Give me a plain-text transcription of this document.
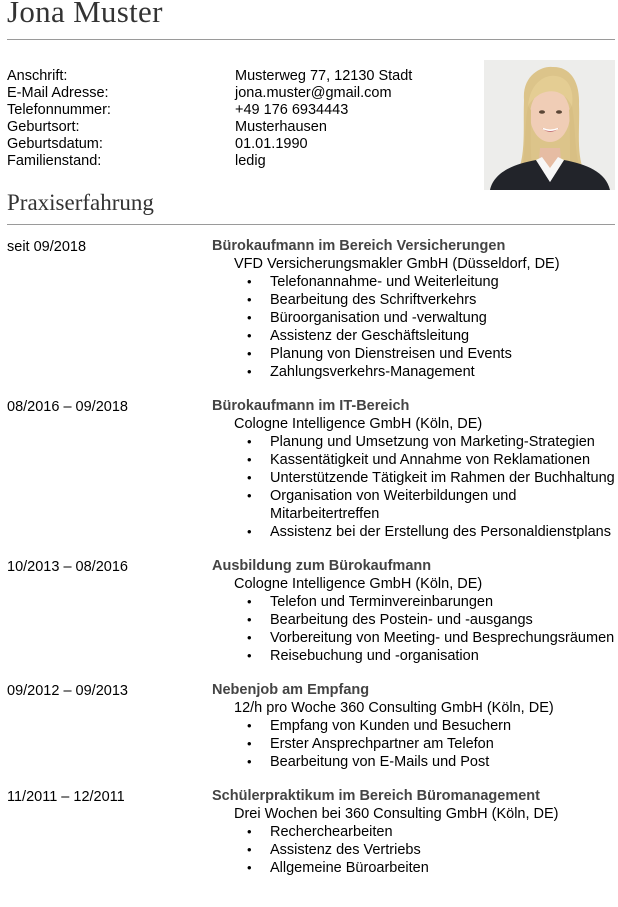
Jona Muster
Anschrift:	Musterweg 77, 12130 Stadt
E-Mail Adresse:	jona.muster@gmail.com
Telefonnummer:	+49 176 6934443
Geburtsort:	Musterhausen
Geburtsdatum:	01.01.1990
Familienstand:	ledig
Praxiserfahrung
seit 09/2018	Bürokaufmann im Bereich Versicherungen
VFD Versicherungsmakler GmbH (Düsseldorf, DE)
• Telefonannahme- und Weiterleitung
• Bearbeitung des Schriftverkehrs
• Büroorganisation und -verwaltung
• Assistenz der Geschäftsleitung
• Planung von Dienstreisen und Events
• Zahlungsverkehrs-Management
08/2016 – 09/2018	Bürokaufmann im IT-Bereich
Cologne Intelligence GmbH (Köln, DE)
• Planung und Umsetzung von Marketing-Strategien
• Kassentätigkeit und Annahme von Reklamationen
• Unterstützende Tätigkeit im Rahmen der Buchhaltung
• Organisation von Weiterbildungen und Mitarbeitertreffen
• Assistenz bei der Erstellung des Personaldienstplans
10/2013 – 08/2016	Ausbildung zum Bürokaufmann
Cologne Intelligence GmbH (Köln, DE)
• Telefon und Terminvereinbarungen
• Bearbeitung des Postein- und -ausgangs
• Vorbereitung von Meeting- und Besprechungsräumen
• Reisebuchung und -organisation
09/2012 – 09/2013	Nebenjob am Empfang
12/h pro Woche 360 Consulting GmbH (Köln, DE)
• Empfang von Kunden und Besuchern
• Erster Ansprechpartner am Telefon
• Bearbeitung von E-Mails und Post
11/2011 – 12/2011	Schülerpraktikum im Bereich Büromanagement
Drei Wochen bei 360 Consulting GmbH (Köln, DE)
• Recherchearbeiten
• Assistenz des Vertriebs
• Allgemeine Büroarbeiten
